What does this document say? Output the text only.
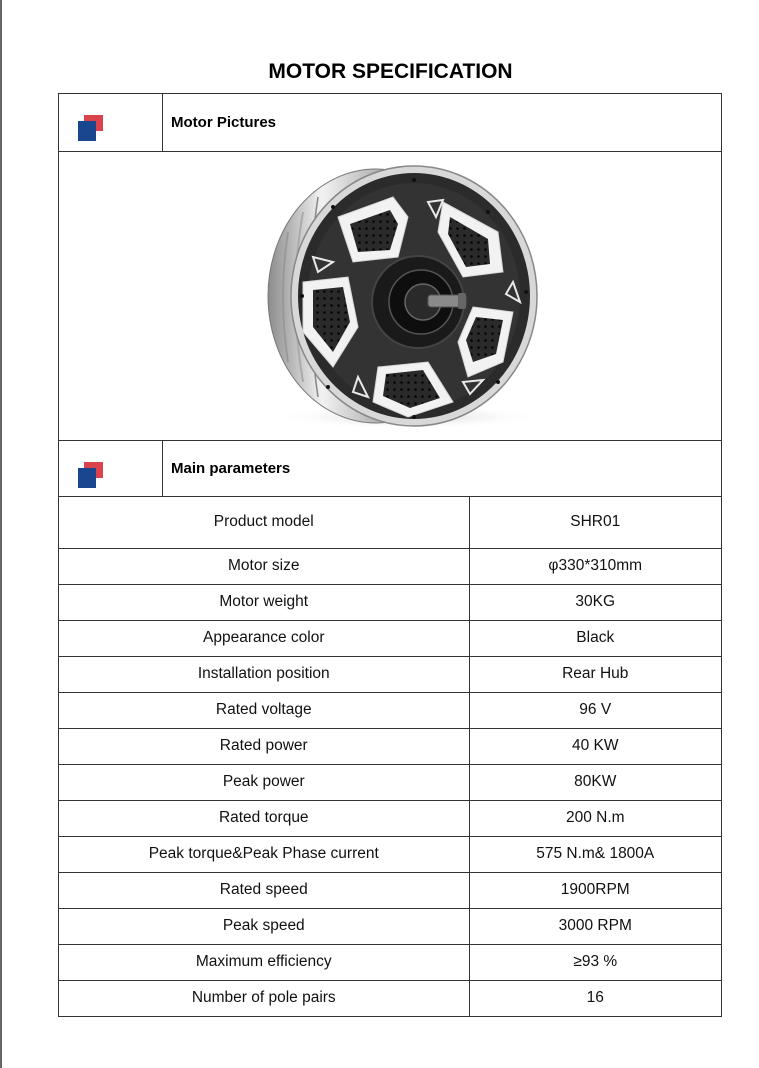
MOTOR SPECIFICATION
Motor Pictures
Main parameters
Product model	SHR01
Motor size	φ330*310mm
Motor weight	30KG
Appearance color	Black
Installation position	Rear Hub
Rated voltage	96 V
Rated power	40 KW
Peak power	80KW
Rated torque	200 N.m
Peak torque&Peak Phase current	575 N.m& 1800A
Rated speed	1900RPM
Peak speed	3000 RPM
Maximum efficiency	≥93 %
Number of pole pairs	16
